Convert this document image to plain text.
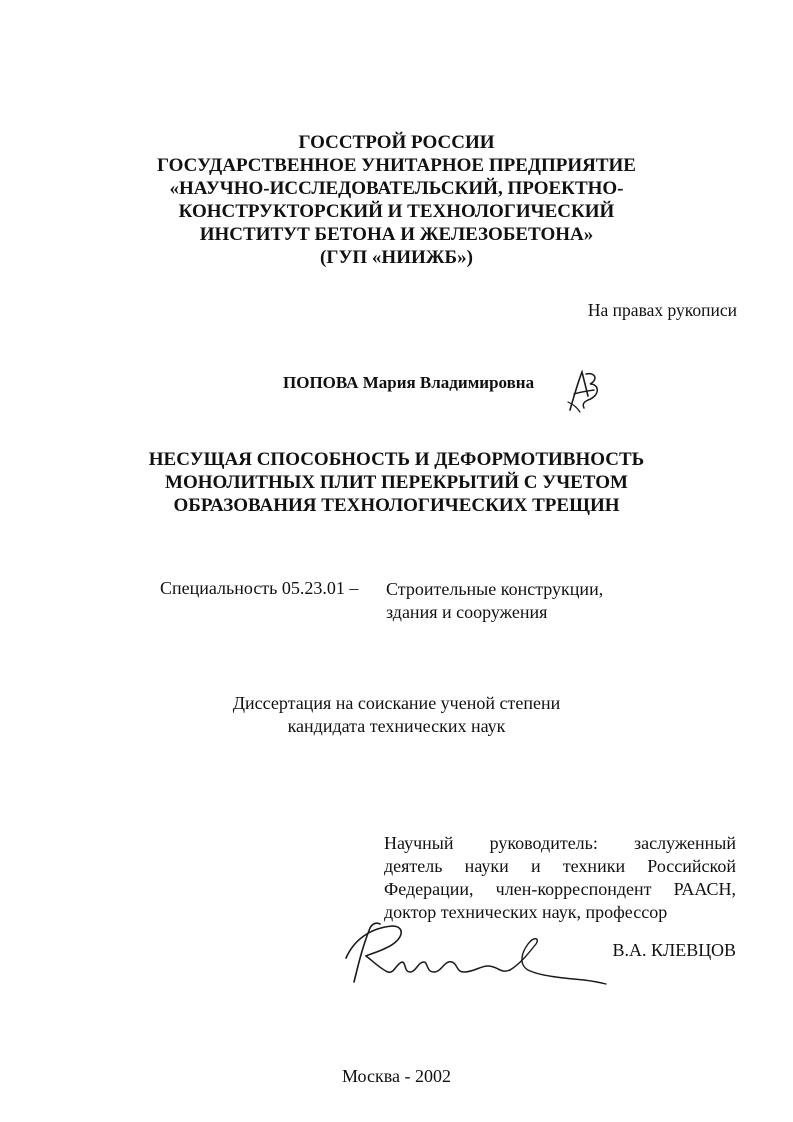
ГОССТРОЙ РОССИИ
ГОСУДАРСТВЕННОЕ УНИТАРНОЕ ПРЕДПРИЯТИЕ
«НАУЧНО-ИССЛЕДОВАТЕЛЬСКИЙ, ПРОЕКТНО-
КОНСТРУКТОРСКИЙ И ТЕХНОЛОГИЧЕСКИЙ
ИНСТИТУТ БЕТОНА И ЖЕЛЕЗОБЕТОНА»
(ГУП «НИИЖБ»)
На правах рукописи
ПОПОВА Мария Владимировна
НЕСУЩАЯ СПОСОБНОСТЬ И ДЕФОРМОТИВНОСТЬ
МОНОЛИТНЫХ ПЛИТ ПЕРЕКРЫТИЙ С УЧЕТОМ
ОБРАЗОВАНИЯ ТЕХНОЛОГИЧЕСКИХ ТРЕЩИН
Специальность 05.23.01 – Строительные конструкции,
здания и сооружения
Диссертация на соискание ученой степени
кандидата технических наук
Научный руководитель: заслуженный
деятель науки и техники Российской
Федерации, член-корреспондент РААСН,
доктор технических наук, профессор
В.А. КЛЕВЦОВ
Москва - 2002
